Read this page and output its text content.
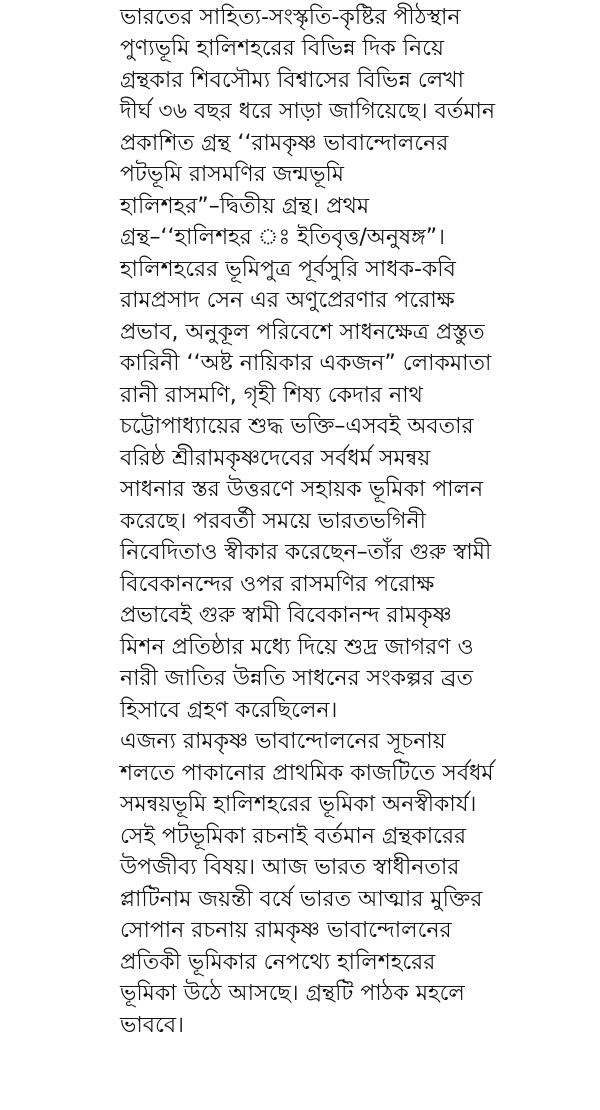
ভারতের সাহিত্য-সংস্কৃতি-কৃষ্টির পীঠস্থান
পুণ্যভূমি হালিশহরের বিভিন্ন দিক নিয়ে
গ্রন্থকার শিবসৌম্য বিশ্বাসের বিভিন্ন লেখা
দীর্ঘ ৩৬ বছর ধরে সাড়া জাগিয়েছে। বর্তমান
প্রকাশিত গ্রন্থ ‘‘রামকৃষ্ণ ভাবান্দোলনের
পটভূমি রাসমণির জন্মভূমি
হালিশহর”–দ্বিতীয় গ্রন্থ। প্রথম
গ্রন্থ–‘‘হালিশহর ঃ ইতিবৃত্ত/অনুষঙ্গ”।
হালিশহরের ভূমিপুত্র পূর্বসুরি সাধক-কবি
রামপ্রসাদ সেন এর অণুপ্রেরণার পরোক্ষ
প্রভাব, অনুকূল পরিবেশে সাধনক্ষেত্র প্রস্তুত
কারিনী ‘‘অষ্ট নায়িকার একজন” লোকমাতা
রানী রাসমণি, গৃহী শিষ্য কেদার নাথ
চট্টোপাধ্যায়ের শুদ্ধ ভক্তি–এসবই অবতার
বরিষ্ঠ শ্রীরামকৃষ্ণদেবের সর্বধর্ম সমন্বয়
সাধনার স্তর উত্তরণে সহায়ক ভূমিকা পালন
করেছে। পরবর্তী সময়ে ভারতভগিনী
নিবেদিতাও স্বীকার করেছেন–তাঁর গুরু স্বামী
বিবেকানন্দের ওপর রাসমণির পরোক্ষ
প্রভাবেই গুরু স্বামী বিবেকানন্দ রামকৃষ্ণ
মিশন প্রতিষ্ঠার মধ্যে দিয়ে শুদ্র জাগরণ ও
নারী জাতির উন্নতি সাধনের সংকল্পর ব্রত
হিসাবে গ্রহণ করেছিলেন।
এজন্য রামকৃষ্ণ ভাবান্দোলনের সূচনায়
শলতে পাকানোর প্রাথমিক কাজটিতে সর্বধর্ম
সমন্বয়ভূমি হালিশহরের ভূমিকা অনস্বীকার্য।
সেই পটভূমিকা রচনাই বর্তমান গ্রন্থকারের
উপজীব্য বিষয়। আজ ভারত স্বাধীনতার
প্লাটিনাম জয়ন্তী বর্ষে ভারত আত্মার মুক্তির
সোপান রচনায় রামকৃষ্ণ ভাবান্দোলনের
প্রতিকী ভূমিকার নেপথ্যে হালিশহরের
ভূমিকা উঠে আসছে। গ্রন্থটি পাঠক মহলে
ভাববে।
